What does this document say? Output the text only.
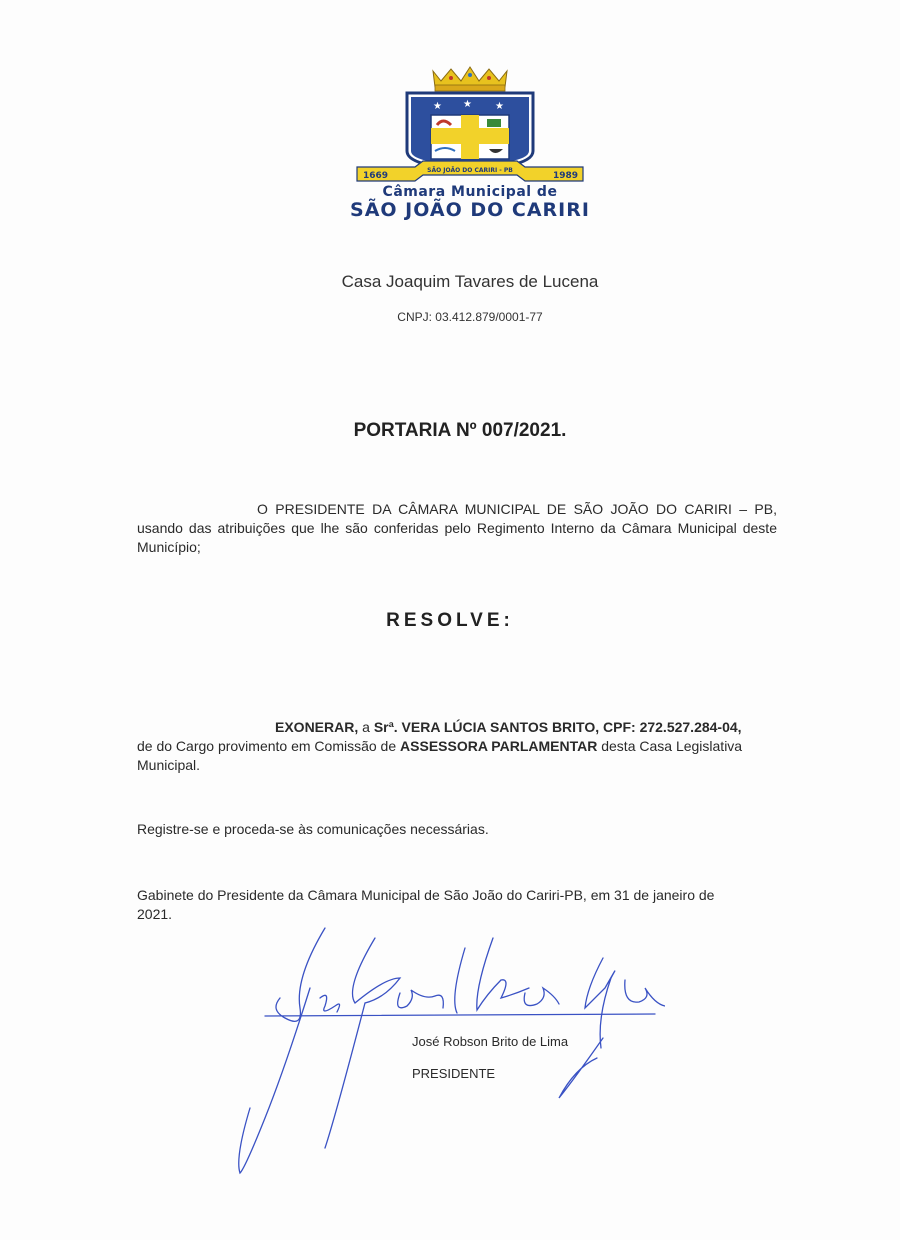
★ ★ ★
1669
SÃO JOÃO DO CARIRI - PB
1989
Câmara Municipal de
SÃO JOÃO DO CARIRI
Casa Joaquim Tavares de Lucena
CNPJ: 03.412.879/0001-77
PORTARIA Nº 007/2021.

O PRESIDENTE DA CÂMARA MUNICIPAL DE SÃO JOÃO DO CARIRI – PB, usando das atribuições que lhe são conferidas pelo Regimento Interno da Câmara Municipal deste Município;

RESOLVE:

EXONERAR, a Srª. VERA LÚCIA SANTOS BRITO, CPF: 272.527.284-04, de do Cargo provimento em Comissão de ASSESSORA PARLAMENTAR desta Casa Legislativa Municipal.

Registre-se e proceda-se às comunicações necessárias.

Gabinete do Presidente da Câmara Municipal de São João do Cariri-PB, em 31 de janeiro de 2021.

José Robson Brito de Lima
PRESIDENTE
